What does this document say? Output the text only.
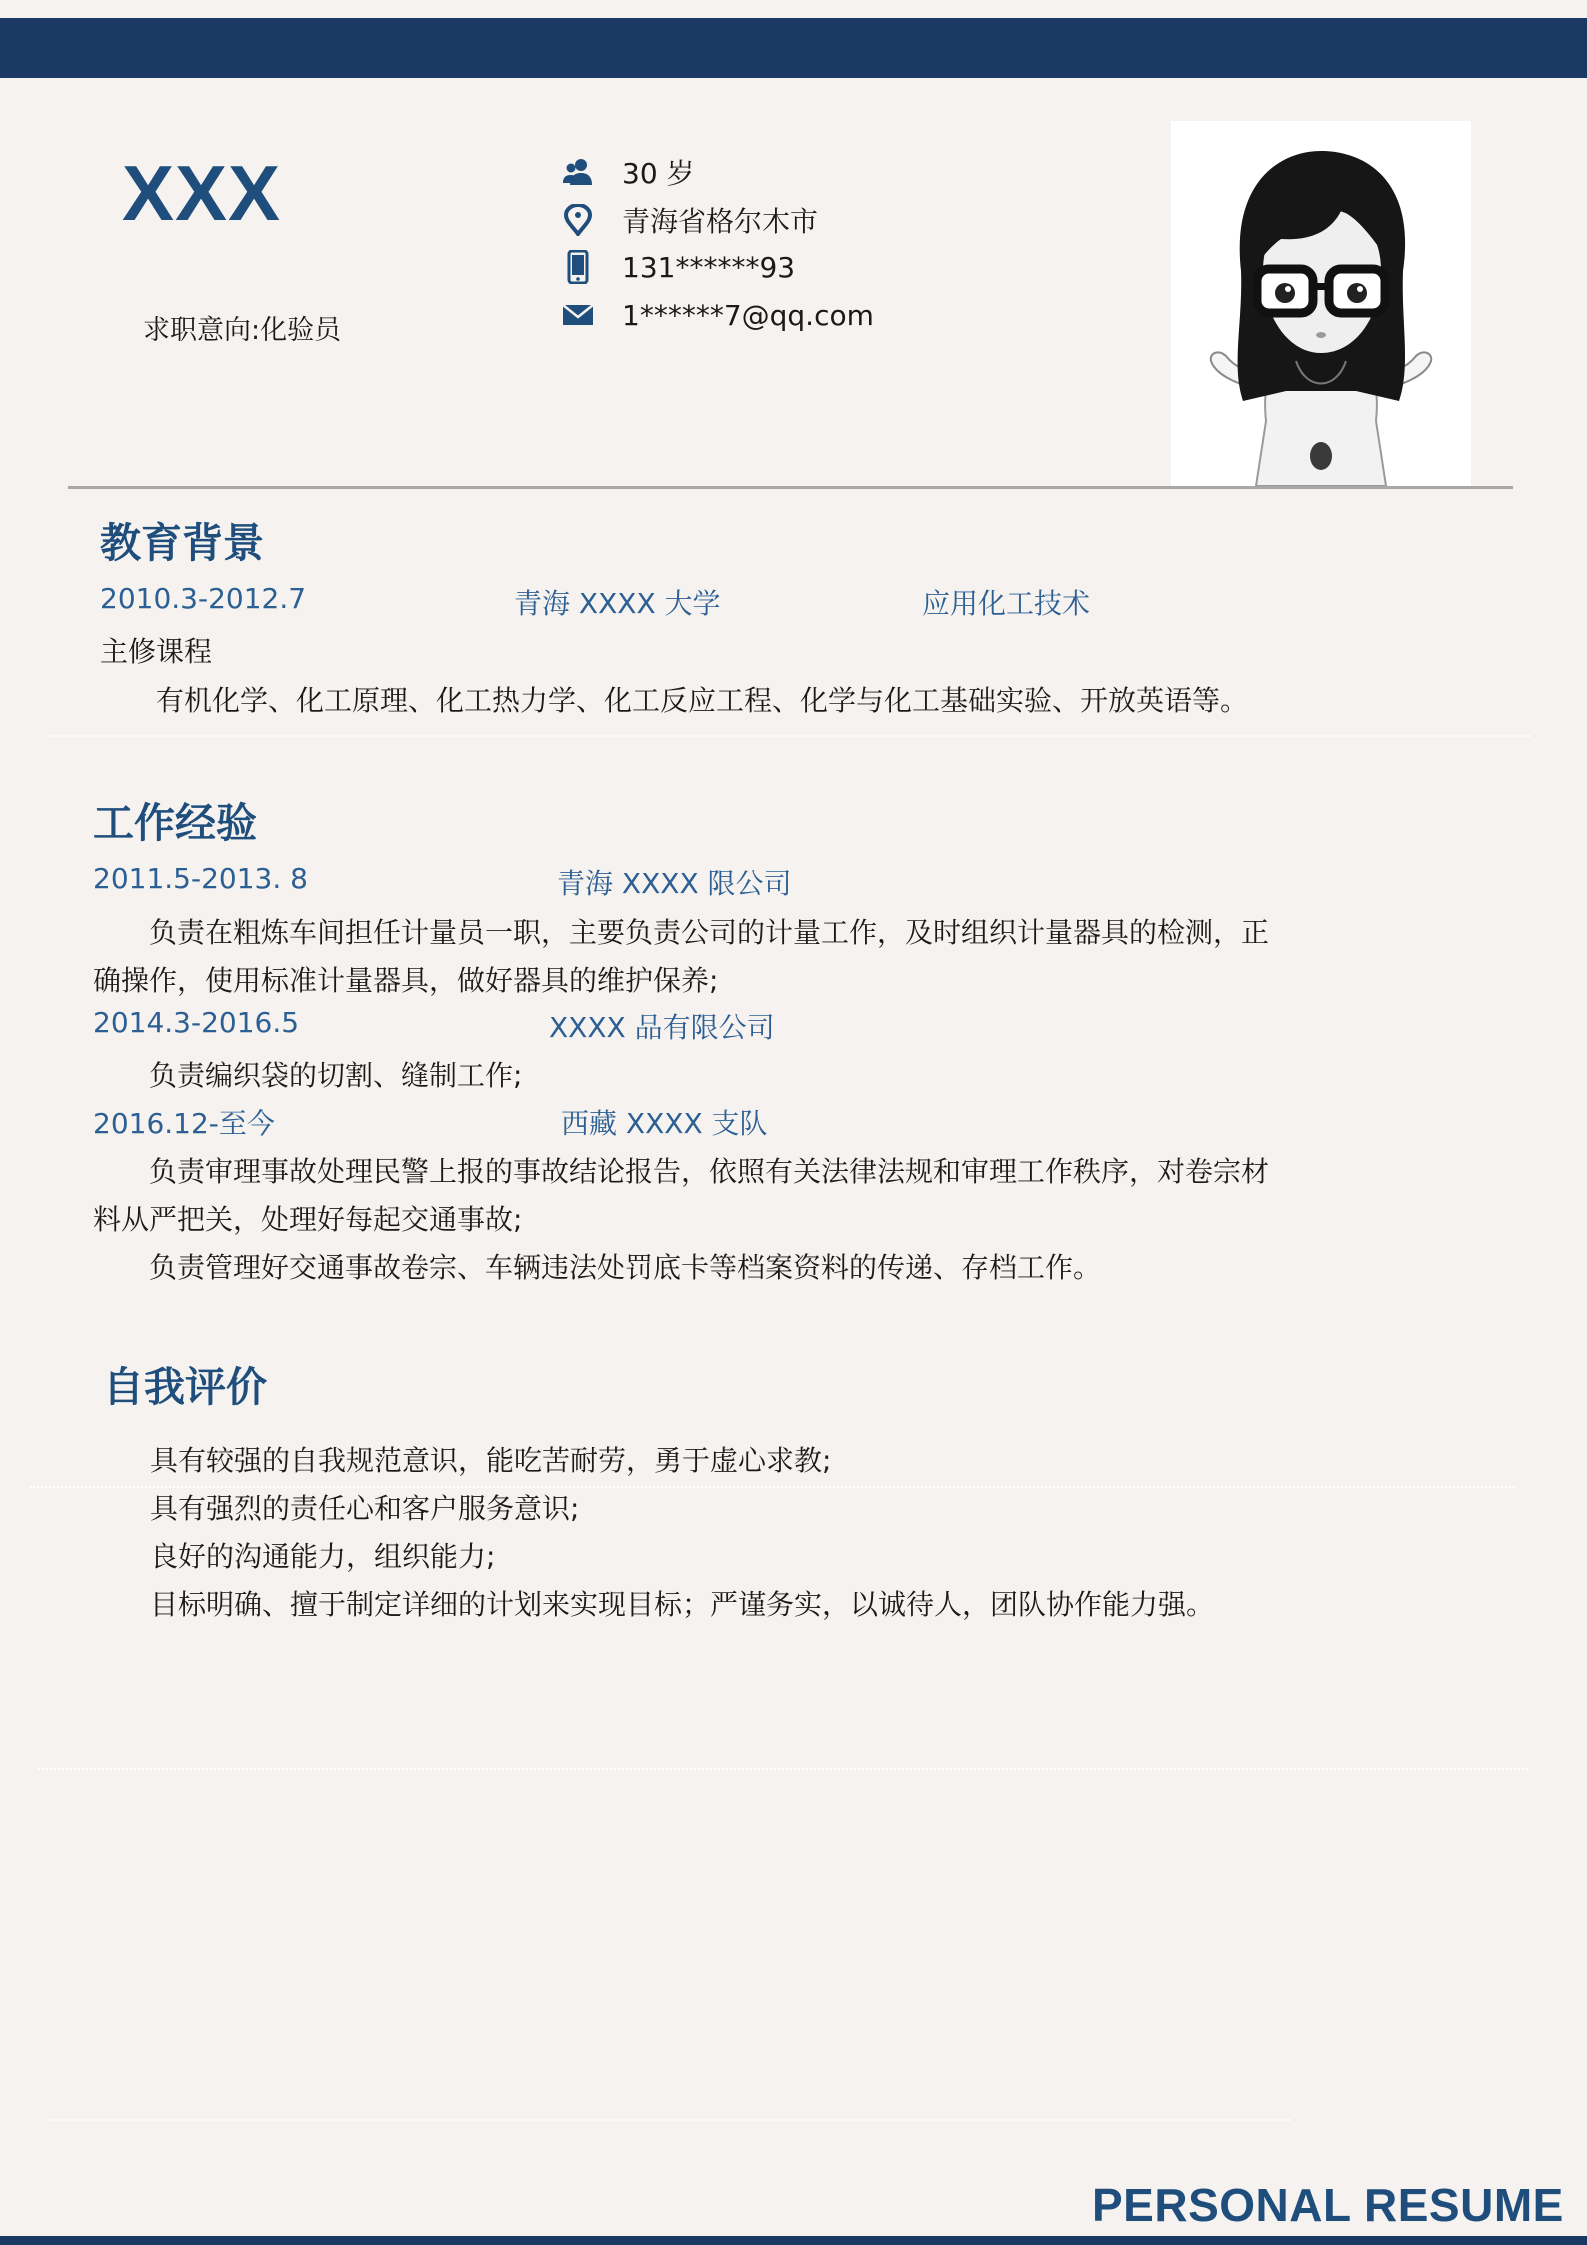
XXX
求职意向:化验员
30 岁
青海省格尔木市
131******93
1******7@qq.com
教育背景
2010.3-2012.7	青海 XXXX 大学	应用化工技术
主修课程
有机化学、化工原理、化工热力学、化工反应工程、化学与化工基础实验、开放英语等。
工作经验
2011.5-2013. 8	青海 XXXX 限公司
负责在粗炼车间担任计量员一职，主要负责公司的计量工作，及时组织计量器具的检测，正
确操作，使用标准计量器具，做好器具的维护保养;
2014.3-2016.5	XXXX 品有限公司
负责编织袋的切割、缝制工作;
2016.12-至今	西藏 XXXX 支队
负责审理事故处理民警上报的事故结论报告，依照有关法律法规和审理工作秩序，对卷宗材
料从严把关，处理好每起交通事故;
负责管理好交通事故卷宗、车辆违法处罚底卡等档案资料的传递、存档工作。
自我评价
具有较强的自我规范意识，能吃苦耐劳，勇于虚心求教;
具有强烈的责任心和客户服务意识;
良好的沟通能力，组织能力;
目标明确、擅于制定详细的计划来实现目标；严谨务实，以诚待人，团队协作能力强。
PERSONAL RESUME
